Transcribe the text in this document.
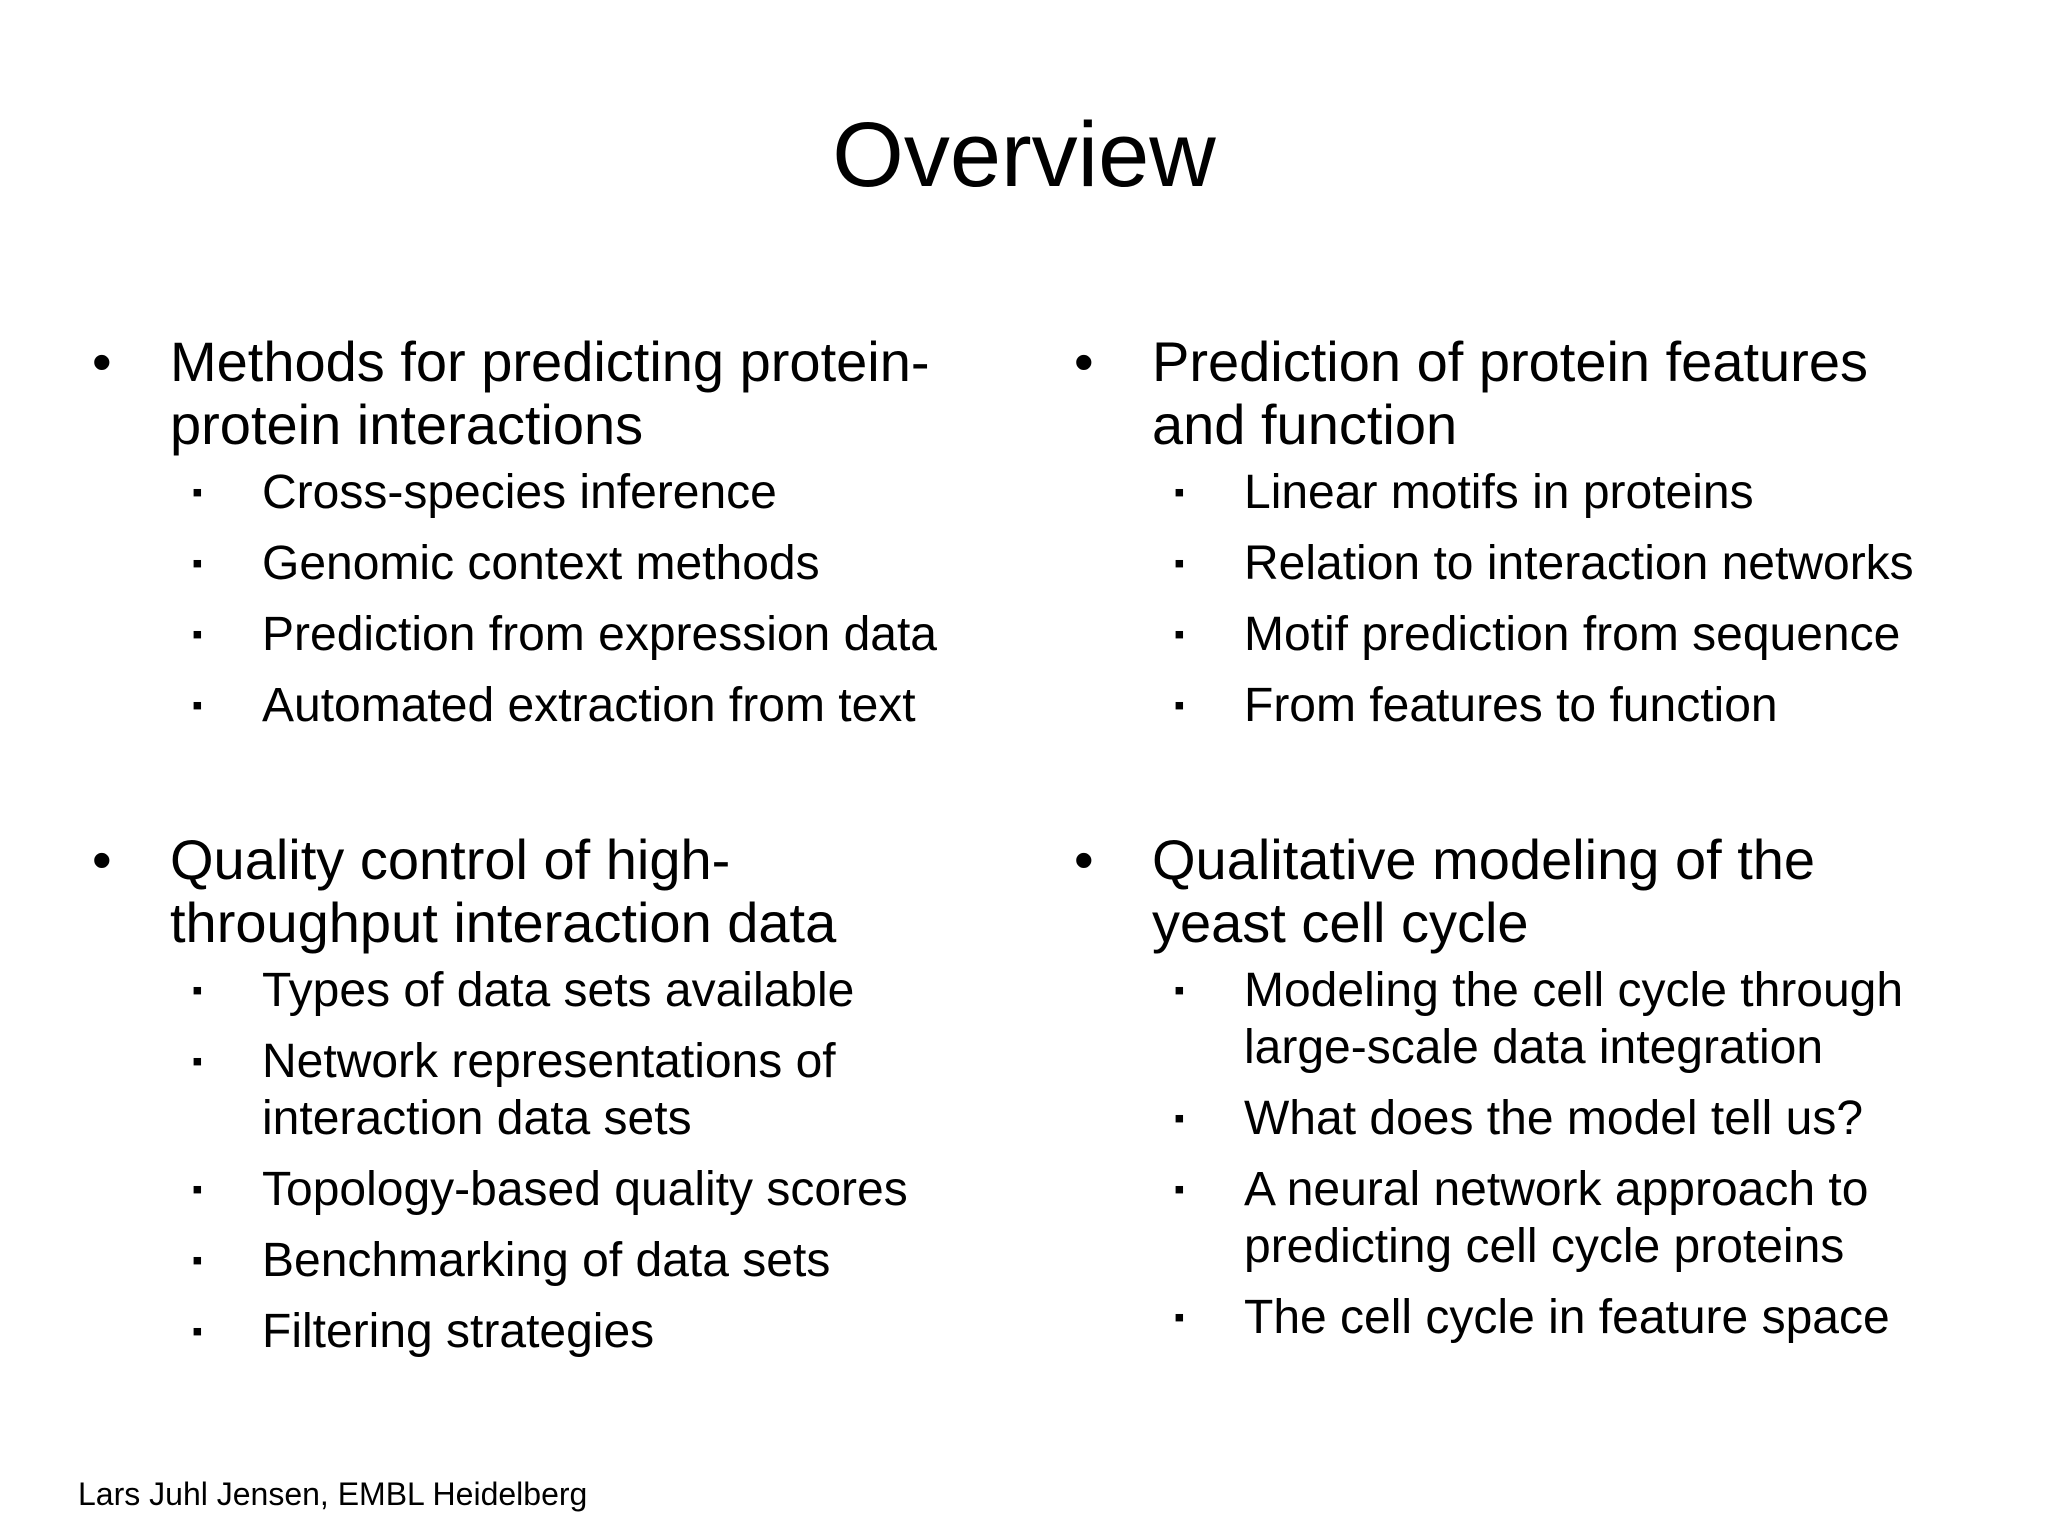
Overview
• Methods for predicting protein-
protein interactions
▪ Cross-species inference
▪ Genomic context methods
▪ Prediction from expression data
▪ Automated extraction from text
• Prediction of protein features
and function
▪ Linear motifs in proteins
▪ Relation to interaction networks
▪ Motif prediction from sequence
▪ From features to function
• Quality control of high-
throughput interaction data
▪ Types of data sets available
▪ Network representations of
interaction data sets
▪ Topology-based quality scores
▪ Benchmarking of data sets
▪ Filtering strategies
• Qualitative modeling of the
yeast cell cycle
▪ Modeling the cell cycle through
large-scale data integration
▪ What does the model tell us?
▪ A neural network approach to
predicting cell cycle proteins
▪ The cell cycle in feature space
Lars Juhl Jensen, EMBL Heidelberg
